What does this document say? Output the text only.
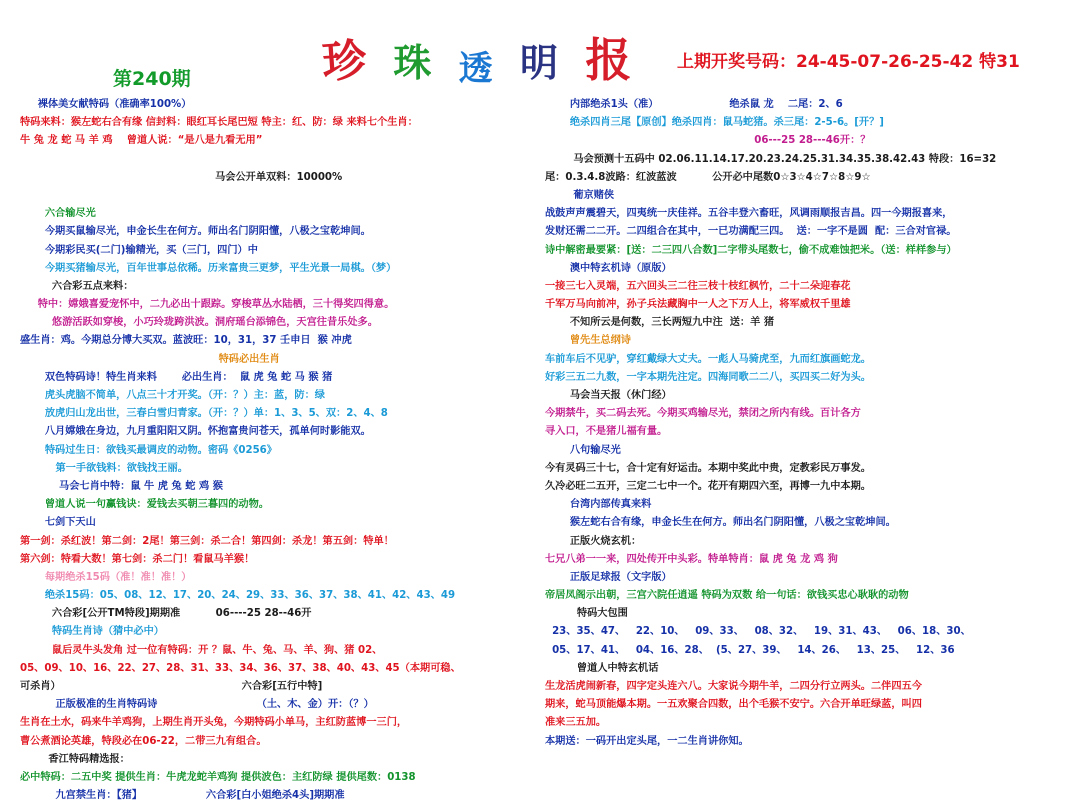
第240期	珍 珠 透 明 报 上期开奖号码：24-45-07-26-25-42 特31
裸体美女献特码（准确率100%）
特码来料：猴左蛇右合有缘 信封料：眼红耳长尾巴短 特主：红、防：绿 来料七个生肖：
牛 兔 龙 蛇 马 羊 鸡    曾道人说：“是八是九看无用”
马会公开单双料：10000%
六合输尽光
今期买鼠输尽光，申金长生在何方。师出名门阴阳懂，八极之宝乾坤间。
今期彩民买(二门)输精光，买（三门，四门）中
今期买猪输尽光，百年世事总依稀。历来富贵三更梦，平生光景一局棋。（梦）
六合彩五点来料：
特中：嫦娥喜爱宠怀中，二九必出十跟踪。穿梭草丛水陆栖，三十得奖四得意。
悠游活跃如穿梭，小巧玲珑跨洪波。洞府瑶台添锦色，天宫往昔乐处多。
盛生肖：鸡。今期总分博大买双。蓝波旺：10，31，37 壬申日  猴 冲虎
特码必出生肖
双色特码诗！特生肖来料       必出生肖：  鼠 虎 兔 蛇 马 猴 猪
虎头虎脑不简单，八点三十才开奖。（开：？）主：蓝，防：绿
放虎归山龙出世，三春白雪归青家。（开：？）单：1、3、5、双：2、4、8
八月嫦娥在身边，九月重阳阳又阴。怀抱富贵问苍天，孤单何时影能双。
特码过生日：欲钱买最调皮的动物。密码《0256》
第一手欲钱料：欲钱找王丽。
马会七肖中特：鼠 牛 虎 兔 蛇 鸡 猴
曾道人说一句赢钱诀：爱钱去买朝三暮四的动物。
七剑下天山
第一剑：杀红波！第二剑：2尾！第三剑：杀二合！第四剑：杀龙！第五剑：特单！
第六剑：特看大数！第七剑：杀二门！看鼠马羊猴！
每期绝杀15码（准！准！准！）
绝杀15码：05、08、12、17、20、24、29、33、36、37、38、41、42、43、49
六合彩[公开TM特段]期期准          06----25 28--46开
特码生肖诗（猜中必中）
鼠后灵牛头发角 过一位有特码：开 ？鼠、牛、兔、马、羊、狗、猪 02、
05、09、10、16、22、27、28、31、33、34、36、37、38、40、43、45（本期可稳、
可杀肖）                                                   六合彩[五行中特]
正版极准的生肖特码诗                            （土、木、金）开：（？）
生肖在土水，码来牛羊鸡狗，上期生肖开头兔，今期特码小单马，主红防蓝博一三门，
曹公煮酒论英雄，特段必在06-22，二带三九有组合。
香江特码精选报：
必中特码：二五中奖 提供生肖：牛虎龙蛇羊鸡狗 提供波色：主红防绿 提供尾数：0138
九宫禁生肖：【猪】                  六合彩[白小姐绝杀4头]期期准
内部绝杀1头（准）                    绝杀鼠 龙    二尾：2、6
绝杀四肖三尾【原创】绝杀四肖：鼠马蛇猪。杀三尾：2-5-6。[开？]
06---25 28---46开：？
马会预测十五码中 02.06.11.14.17.20.23.24.25.31.34.35.38.42.43 特段：16=32
尾：0.3.4.8波路：红波蓝波          公开必中尾数0☆3☆4☆7☆8☆9☆
葡京赌侠
战鼓声声震碧天，四夷统一庆佳祥。五谷丰登六畜旺，风调雨顺报吉昌。四一今期报喜来，
发财还需二二开。二四组合在其中，一已功满配三四。  送：一字不是圆  配：三合对官禄。
诗中解密最要紧：[送：二三四八合数]二字带头尾数七，偷不成难蚀把米。（送：样样参与）
澳中特玄机诗（原版）
一接三七入灵端，五六回头三二往三枝十枝红枫竹，二十二朵迎春花
千军万马向前冲，孙子兵法藏胸中一人之下万人上，将军威权千里雄
不知所云是何数，三长两短九中注  送：羊 猪
曾先生总纲诗
车前车后不见驴，穿红戴绿大丈夫。一彪人马骑虎至，九而红旗画蛇龙。
好彩三五二九数，一字本期先注定。四海同歌二二八，买四买二好为头。
马会当天报（休门经）
今期禁牛，买二码去死。今期买鸡输尽光，禁闭之所内有线。百计各方
寻入口，不是猪儿福有量。
八句输尽光
今有灵码三十七，合十定有好运击。本期中奖此中贵，定教彩民万事发。
久冷必旺二五开，三定二七中一个。花开有期四六至，再博一九中本期。
台湾内部传真来料
猴左蛇右合有缘，申金长生在何方。师出名门阴阳懂，八极之宝乾坤间。
正版火烧玄机：
七兄八弟一一来，四处传开中头彩。特单特肖：鼠 虎 兔 龙 鸡 狗
正版足球报（文字版）
帝居凤阁示出朝，三宫六院任逍遥 特码为双数 给一句话：欲钱买忠心耿耿的动物
特码大包围
23、35、47、   22、10、   09、33、   08、32、   19、31、43、   06、18、30、
05、17、41、   04、16、28、  (5、27、39、   14、26、   13、25、   12、36
曾道人中特玄机话
生龙活虎闹新春，四字定头连六八。大家说今期牛羊，二四分行立两头。二伴四五今
期来，蛇马顶能爆本期。一五欢聚合四数，出个毛猴不安宁。六合开单旺绿蓝，叫四
准来三五加。
本期送：一码开出定头尾，一二生肖讲你知。
